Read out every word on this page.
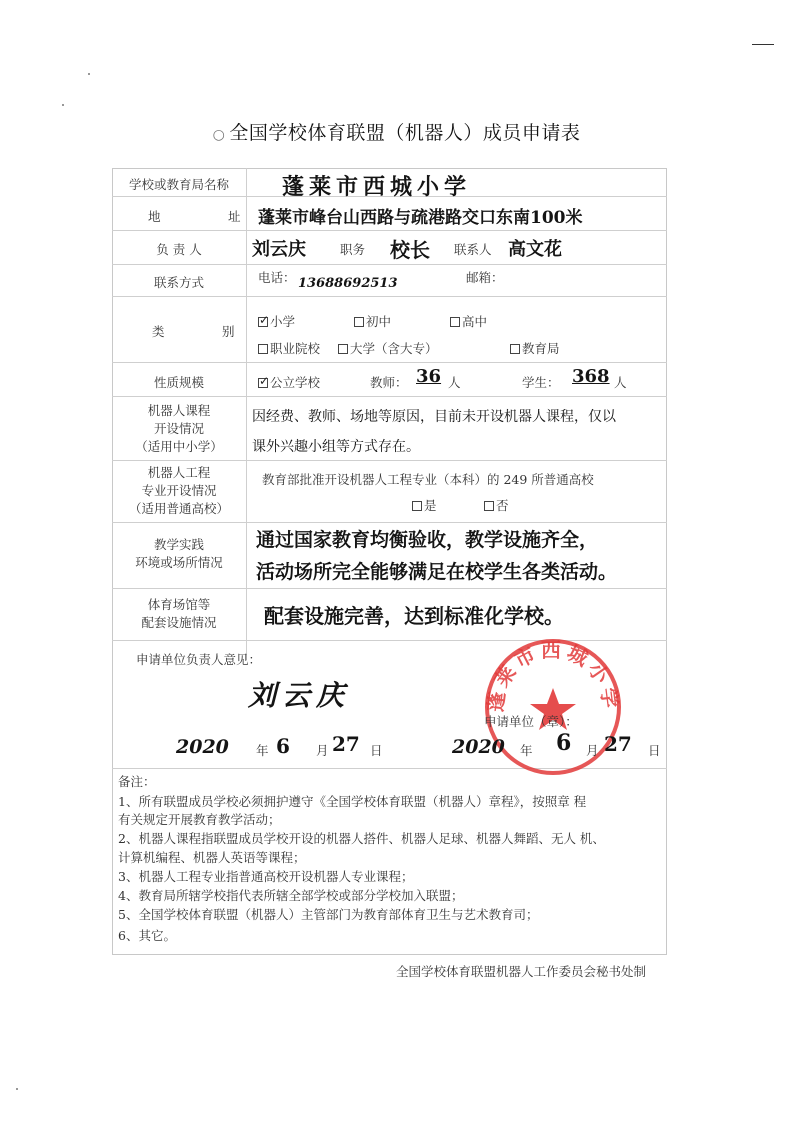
○ 全国学校体育联盟（机器人）成员申请表
学校或教育局名称	蓬莱市西城小学
地	址 蓬莱市峰台山西路与疏港路交口东南100米
负 责 人	刘云庆	职务 校长 联系人 高文花
联系方式	电话： 13688692513	邮箱：
类	别
✓小学	初中	高中
职业院校	大学（含大专）	教育局
性质规模
✓	公立学校	教师： 36 人	学生： 368 人
机器人课程
开设情况
（适用中小学）
因经费、教师、场地等原因，目前未开设机器人课程，仅以
课外兴趣小组等方式存在。
机器人工程
专业开设情况
（适用普通高校）
教育部批准开设机器人工程专业（本科）的 249 所普通高校
是	否
教学实践
环境或场所情况
通过国家教育均衡验收，教学设施齐全，
活动场所完全能够满足在校学生各类活动。
体育场馆等
配套设施情况	配套设施完善，达到标准化学校。
申请单位负责人意见：
刘云庆	蓬莱市西城小学
申请单位（章）：
2020 年 6 月 27 日	2020 年 6 月 27 日
备注：
1、所有联盟成员学校必须拥护遵守《全国学校体育联盟（机器人）章程》，按照章 程
有关规定开展教育教学活动；
2、机器人课程指联盟成员学校开设的机器人搭件、机器人足球、机器人舞蹈、无人 机、
计算机编程、机器人英语等课程；
3、机器人工程专业指普通高校开设机器人专业课程；
4、教育局所辖学校指代表所辖全部学校或部分学校加入联盟；
5、全国学校体育联盟（机器人）主管部门为教育部体育卫生与艺术教育司；
6、其它。
全国学校体育联盟机器人工作委员会秘书处制
